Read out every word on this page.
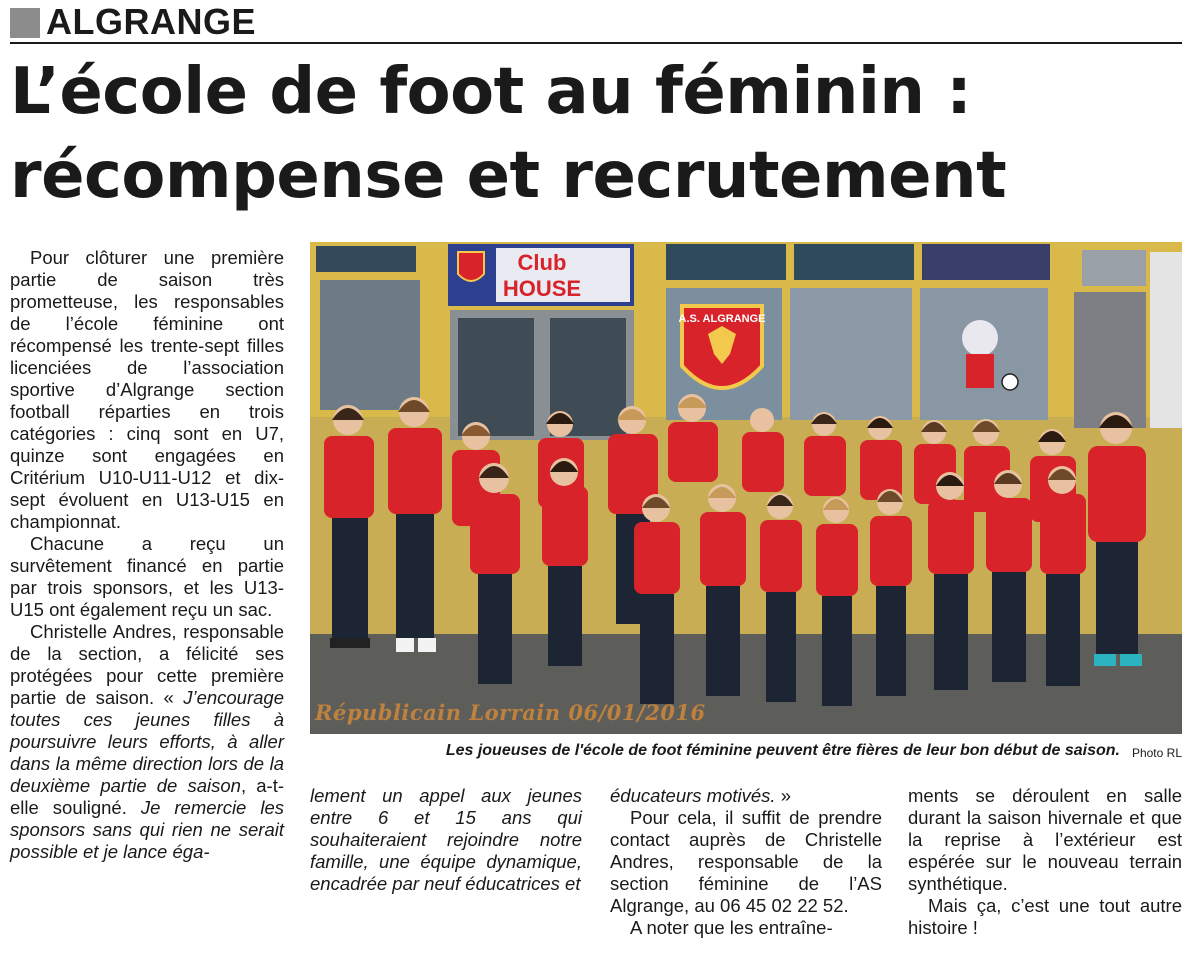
ALGRANGE
L’école de foot au féminin :
récompense et recrutement

Pour clôturer une première partie de saison très prometteuse, les responsables de l’école féminine ont récompensé les trente-sept filles licenciées de l’association sportive d’Algrange section football réparties en trois catégories : cinq sont en U7, quinze sont engagées en Critérium U10-U11-U12 et dix-sept évoluent en U13-U15 en championnat.

Chacune a reçu un survêtement financé en partie par trois sponsors, et les U13-U15 ont également reçu un sac.

Christelle Andres, responsable de la section, a félicité ses protégées pour cette première partie de saison. « J’encourage toutes ces jeunes filles à poursuivre leurs efforts, à aller dans la même direction lors de la deuxième partie de saison, a-t-elle souligné. Je remercie les sponsors sans qui rien ne serait possible et je lance éga-

Club
HOUSE
A.S. ALGRANGE
Républicain Lorrain 06/01/2016
Les joueuses de l'école de foot féminine peuvent être fières de leur bon début de saison. Photo RL

lement un appel aux jeunes entre 6 et 15 ans qui souhaiteraient rejoindre notre famille, une équipe dynamique, encadrée par neuf éducatrices et

éducateurs motivés. »

Pour cela, il suffit de prendre contact auprès de Christelle Andres, responsable de la section féminine de l’AS Algrange, au 06 45 02 22 52.

A noter que les entraîne-

ments se déroulent en salle durant la saison hivernale et que la reprise à l’extérieur est espérée sur le nouveau terrain synthétique.

Mais ça, c’est une tout autre histoire !
